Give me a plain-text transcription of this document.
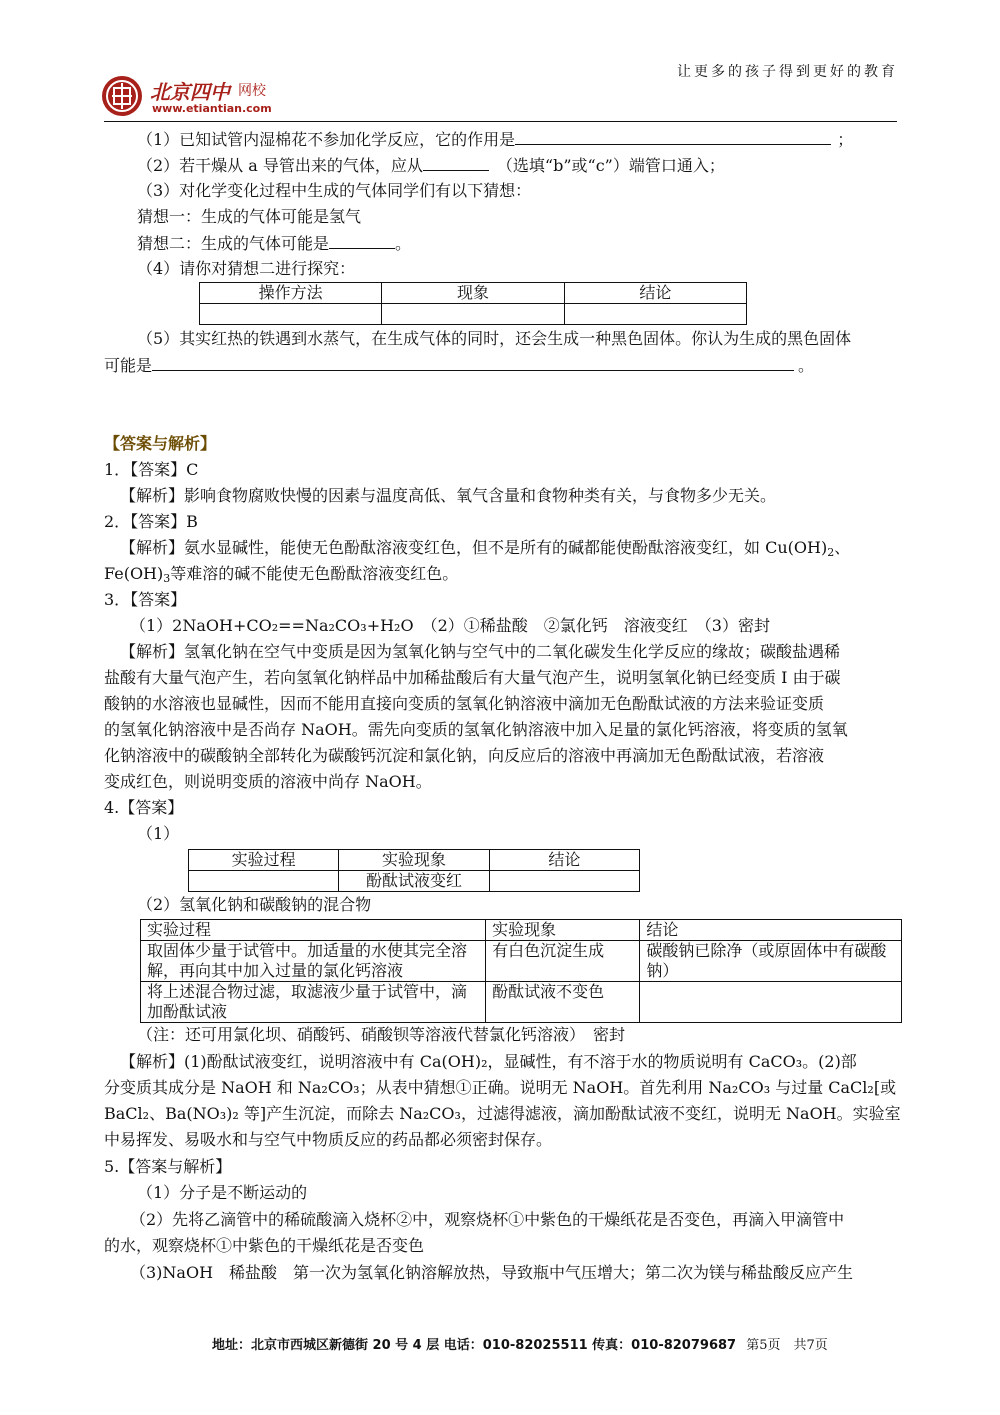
北京四中 网校
www.etiantian.com
让更多的孩子得到更好的教育
（1）已知试管内湿棉花不参加化学反应，它的作用是	；
（2）若干燥从 a 导管出来的气体，应从	（选填“b”或“c”）端管口通入；
（3）对化学变化过程中生成的气体同学们有以下猜想：
猜想一：生成的气体可能是氢气
猜想二：生成的气体可能是	。
（4）请你对猜想二进行探究：
操作方法	现象	结论

（5）其实红热的铁遇到水蒸气，在生成气体的同时，还会生成一种黑色固体。你认为生成的黑色固体
可能是	。
【答案与解析】
1．【答案】C
【解析】影响食物腐败快慢的因素与温度高低、氧气含量和食物种类有关，与食物多少无关。
2．【答案】B
【解析】氨水显碱性，能使无色酚酞溶液变红色，但不是所有的碱都能使酚酞溶液变红，如 $Cu(OH)_2$、
$Fe(OH)_3$等难溶的碱不能使无色酚酞溶液变红色。
3．【答案】
（1）2NaOH+CO₂==Na₂CO₃+H₂O　（2）①稀盐酸　②氯化钙　溶液变红　（3）密封
【解析】氢氧化钠在空气中变质是因为氢氧化钠与空气中的二氧化碳发生化学反应的缘故；碳酸盐遇稀
盐酸有大量气泡产生，若向氢氧化钠样品中加稀盐酸后有大量气泡产生，说明氢氧化钠已经变质 I 由于碳
酸钠的水溶液也显碱性，因而不能用直接向变质的氢氧化钠溶液中滴加无色酚酞试液的方法来验证变质
的氢氧化钠溶液中是否尚存 NaOH。需先向变质的氢氧化钠溶液中加入足量的氯化钙溶液，将变质的氢氧
化钠溶液中的碳酸钠全部转化为碳酸钙沉淀和氯化钠，向反应后的溶液中再滴加无色酚酞试液，若溶液
变成红色，则说明变质的溶液中尚存 NaOH。
4.【答案】
（1）
实验过程	实验现象	结论
	酚酞试液变红	
（2）氢氧化钠和碳酸钠的混合物
实验过程	实验现象	结论
取固体少量于试管中。加适量的水使其完全溶解，再向其中加入过量的氯化钙溶液	有白色沉淀生成	碳酸钠已除净（或原固体中有碳酸钠）
将上述混合物过滤，取滤液少量于试管中，滴加酚酞试液	酚酞试液不变色	
（注：还可用氯化坝、硝酸钙、硝酸钡等溶液代替氯化钙溶液）　密封
【解析】(1)酚酞试液变红，说明溶液中有 Ca(OH)₂，显碱性，有不溶于水的物质说明有 CaCO₃。(2)部
分变质其成分是 NaOH 和 Na₂CO₃；从表中猜想①正确。说明无 NaOH。首先利用 Na₂CO₃ 与过量 CaCl₂[或
BaCl₂、Ba(NO₃)₂ 等]产生沉淀，而除去 Na₂CO₃，过滤得滤液，滴加酚酞试液不变红，说明无 NaOH。实验室
中易挥发、易吸水和与空气中物质反应的药品都必须密封保存。
5.【答案与解析】
（1）分子是不断运动的
（2）先将乙滴管中的稀硫酸滴入烧杯②中，观察烧杯①中紫色的干燥纸花是否变色，再滴入甲滴管中
的水，观察烧杯①中紫色的干燥纸花是否变色
（3)NaOH　稀盐酸　第一次为氢氧化钠溶解放热，导致瓶中气压增大；第二次为镁与稀盐酸反应产生
地址：北京市西城区新德街 20 号 4 层 电话：010-82025511 传真：010-82079687 第5页　共7页
